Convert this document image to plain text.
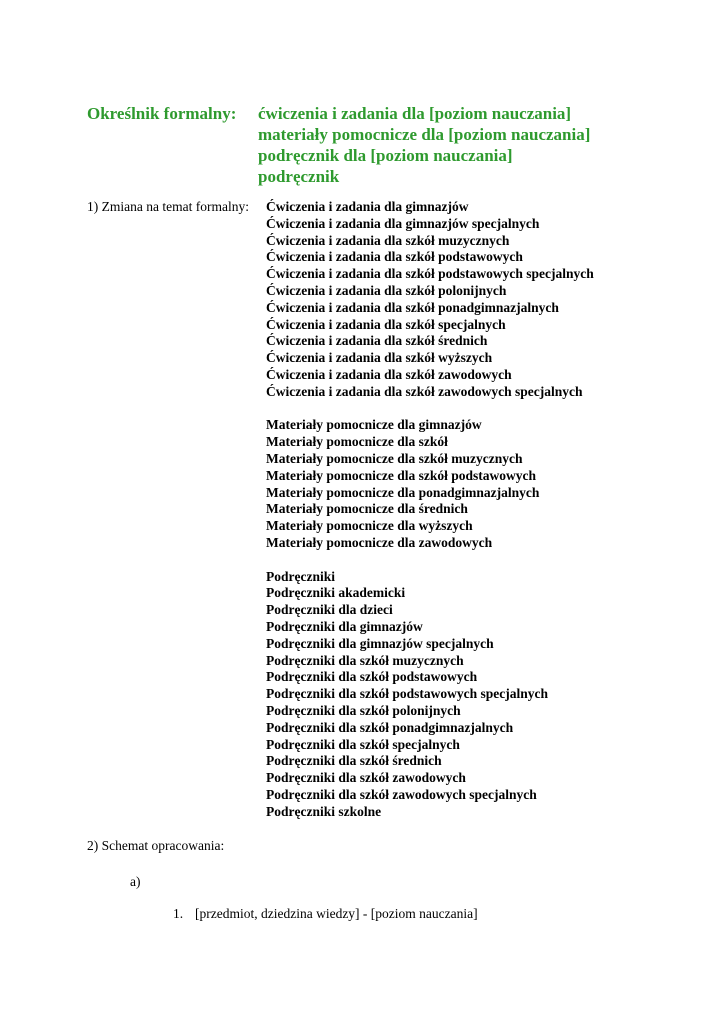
Określnik formalny:	ćwiczenia i zadania dla [poziom nauczania]
materiały pomocnicze dla [poziom nauczania]
podręcznik dla [poziom nauczania]
podręcznik
1) Zmiana na temat formalny: Ćwiczenia i zadania dla gimnazjów
Ćwiczenia i zadania dla gimnazjów specjalnych
Ćwiczenia i zadania dla szkół muzycznych
Ćwiczenia i zadania dla szkół podstawowych
Ćwiczenia i zadania dla szkół podstawowych specjalnych
Ćwiczenia i zadania dla szkół polonijnych
Ćwiczenia i zadania dla szkół ponadgimnazjalnych
Ćwiczenia i zadania dla szkół specjalnych
Ćwiczenia i zadania dla szkół średnich
Ćwiczenia i zadania dla szkół wyższych
Ćwiczenia i zadania dla szkół zawodowych
Ćwiczenia i zadania dla szkół zawodowych specjalnych
Materiały pomocnicze dla gimnazjów
Materiały pomocnicze dla szkół
Materiały pomocnicze dla szkół muzycznych
Materiały pomocnicze dla szkół podstawowych
Materiały pomocnicze dla ponadgimnazjalnych
Materiały pomocnicze dla średnich
Materiały pomocnicze dla wyższych
Materiały pomocnicze dla zawodowych
Podręczniki
Podręczniki akademicki
Podręczniki dla dzieci
Podręczniki dla gimnazjów
Podręczniki dla gimnazjów specjalnych
Podręczniki dla szkół muzycznych
Podręczniki dla szkół podstawowych
Podręczniki dla szkół podstawowych specjalnych
Podręczniki dla szkół polonijnych
Podręczniki dla szkół ponadgimnazjalnych
Podręczniki dla szkół specjalnych
Podręczniki dla szkół średnich
Podręczniki dla szkół zawodowych
Podręczniki dla szkół zawodowych specjalnych
Podręczniki szkolne
2) Schemat opracowania:
a)
1. [przedmiot, dziedzina wiedzy] - [poziom nauczania]
